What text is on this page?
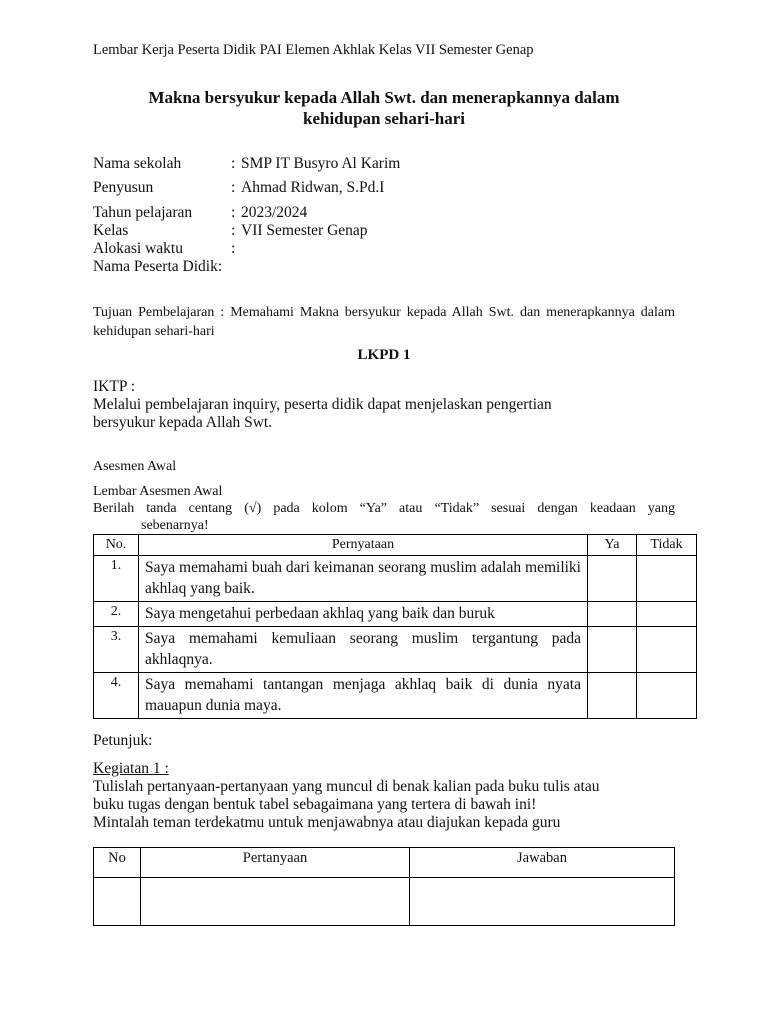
Lembar Kerja Peserta Didik PAI Elemen Akhlak Kelas VII Semester Genap
Makna bersyukur kepada Allah Swt. dan menerapkannya dalam
kehidupan sehari-hari
Nama sekolah	: SMP IT Busyro Al Karim
Penyusun	: Ahmad Ridwan, S.Pd.I
Tahun pelajaran	: 2023/2024
Kelas	: VII Semester Genap
Alokasi waktu	:
Nama Peserta Didik:
Tujuan Pembelajaran : Memahami Makna bersyukur kepada Allah Swt. dan menerapkannya dalam kehidupan sehari-hari
LKPD 1
IKTP :
Melalui pembelajaran inquiry, peserta didik dapat menjelaskan pengertian
bersyukur kepada Allah Swt.
Asesmen Awal
Lembar Asesmen Awal
Berilah tanda centang (√) pada kolom “Ya” atau “Tidak” sesuai dengan keadaan yang
sebenarnya!
No.	Pernyataan	Ya	Tidak
1.	Saya memahami buah dari keimanan seorang muslim adalah memiliki akhlaq yang baik.		
2.	Saya mengetahui perbedaan akhlaq yang baik dan buruk		
3.	Saya memahami kemuliaan seorang muslim tergantung pada akhlaqnya.		
4.	Saya memahami tantangan menjaga akhlaq baik di dunia nyata mauapun dunia maya.		
Petunjuk:
Kegiatan 1 :
Tulislah pertanyaan-pertanyaan yang muncul di benak kalian pada buku tulis atau
buku tugas dengan bentuk tabel sebagaimana yang tertera di bawah ini!
Mintalah teman terdekatmu untuk menjawabnya atau diajukan kepada guru
No	Pertanyaan	Jawaban
